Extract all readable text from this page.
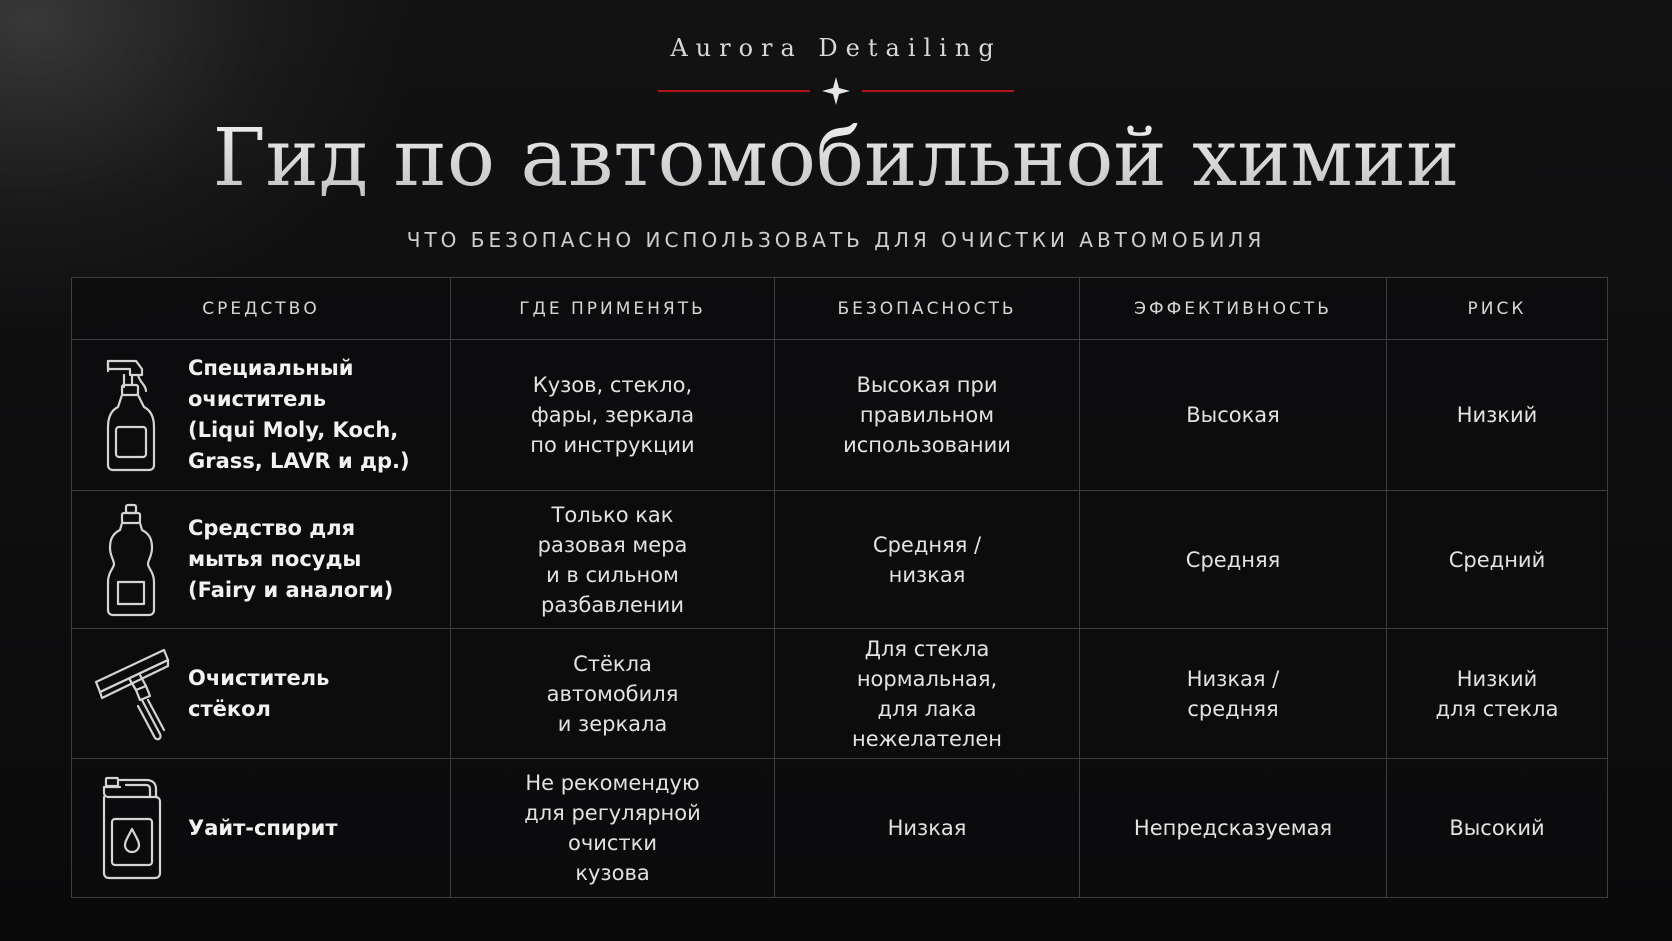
Aurora Detailing
Гид по автомобильной химии
ЧТО БЕЗОПАСНО ИСПОЛЬЗОВАТЬ ДЛЯ ОЧИСТКИ АВТОМОБИЛЯ
СРЕДСТВО	ГДЕ ПРИМЕНЯТЬ	БЕЗОПАСНОСТЬ	ЭФФЕКТИВНОСТЬ	РИСК

Специальный
очиститель
(Liqui Moly, Koch,
Grass, LAVR и др.)	Кузов, стекло,
фары, зеркала
по инструкции	Высокая при
правильном
использовании	Высокая	Низкий

Средство для
мытья посуды
(Fairy и аналоги)	Только как
разовая мера
и в сильном
разбавлении	Средняя /
низкая	Средняя	Средний

Очиститель
стёкол	Стёкла
автомобиля
и зеркала	Для стекла
нормальная,
для лака
нежелателен	Низкая /
средняя	Низкий
для стекла

Уайт-спирит	Не рекомендую
для регулярной
очистки
кузова	Низкая	Непредсказуемая	Высокий
